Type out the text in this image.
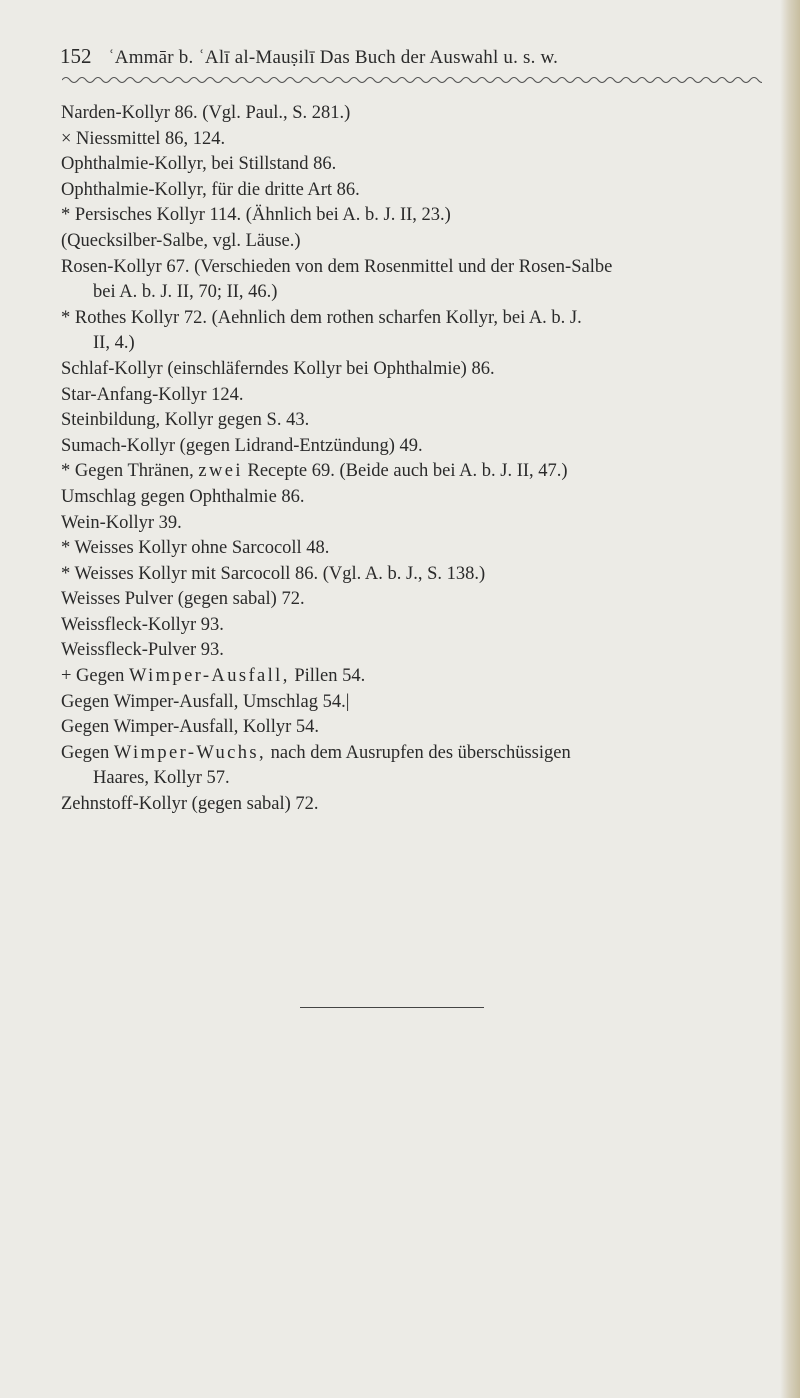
152 ʿAmmār b. ʿAlī al-Mauṣilī Das Buch der Auswahl u. s. w.
Narden-Kollyr 86. (Vgl. Paul., S. 281.)
× Niessmittel 86, 124.
Ophthalmie-Kollyr, bei Stillstand 86.
Ophthalmie-Kollyr, für die dritte Art 86.
* Persisches Kollyr 114. (Ähnlich bei A. b. J. II, 23.)
(Quecksilber-Salbe, vgl. Läuse.)
Rosen-Kollyr 67. (Verschieden von dem Rosenmittel und der Rosen-Salbe
bei A. b. J. II, 70; II, 46.)
* Rothes Kollyr 72. (Aehnlich dem rothen scharfen Kollyr, bei A. b. J.
II, 4.)
Schlaf-Kollyr (einschläferndes Kollyr bei Ophthalmie) 86.
Star-Anfang-Kollyr 124.
Steinbildung, Kollyr gegen S. 43.
Sumach-Kollyr (gegen Lidrand-Entzündung) 49.
* Gegen Thränen, zwei Recepte 69. (Beide auch bei A. b. J. II, 47.)
Umschlag gegen Ophthalmie 86.
Wein-Kollyr 39.
* Weisses Kollyr ohne Sarcocoll 48.
* Weisses Kollyr mit Sarcocoll 86. (Vgl. A. b. J., S. 138.)
Weisses Pulver (gegen sabal) 72.
Weissfleck-Kollyr 93.
Weissfleck-Pulver 93.
+ Gegen Wimper-Ausfall, Pillen 54.
Gegen Wimper-Ausfall, Umschlag 54.|
Gegen Wimper-Ausfall, Kollyr 54.
Gegen Wimper-Wuchs, nach dem Ausrupfen des überschüssigen
Haares, Kollyr 57.
Zehnstoff-Kollyr (gegen sabal) 72.
